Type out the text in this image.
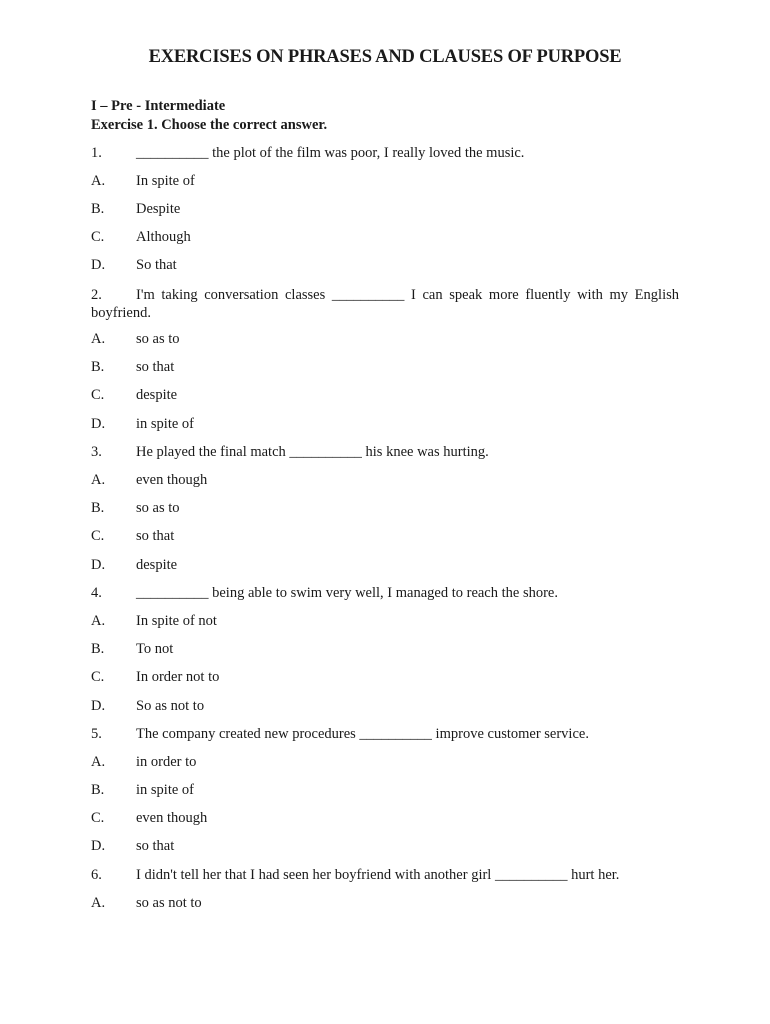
EXERCISES ON PHRASES AND CLAUSES OF PURPOSE
I – Pre - Intermediate
Exercise 1. Choose the correct answer.
1. __________ the plot of the film was poor, I really loved the music.
A. In spite of
B. Despite
C. Although
D. So that
2. I'm taking conversation classes __________ I can speak more fluently with my English
boyfriend.
A. so as to
B. so that
C. despite
D. in spite of
3. He played the final match __________ his knee was hurting.
A. even though
B. so as to
C. so that
D. despite
4. __________ being able to swim very well, I managed to reach the shore.
A. In spite of not
B. To not
C. In order not to
D. So as not to
5. The company created new procedures __________ improve customer service.
A. in order to
B. in spite of
C. even though
D. so that
6. I didn't tell her that I had seen her boyfriend with another girl __________ hurt her.
A. so as not to
